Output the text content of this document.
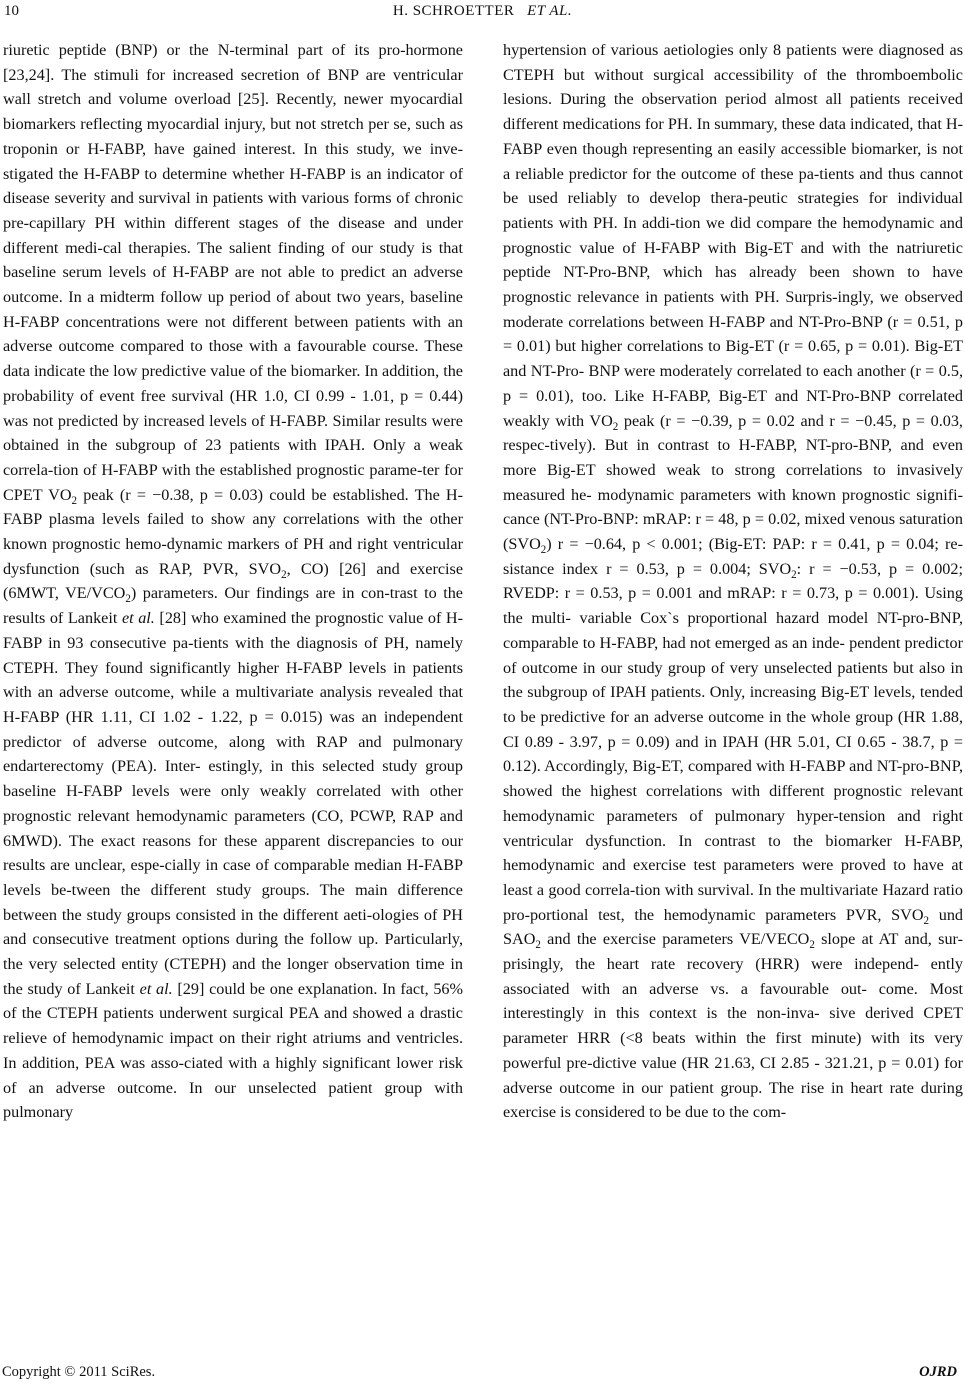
10	H. SCHROETTER ET AL.

riuretic peptide (BNP) or the N-terminal part of its pro-hormone [23,24]. The stimuli for increased secretion of BNP are ventricular wall stretch and volume overload [25]. Recently, newer myocardial biomarkers reflecting myocardial injury, but not stretch per se, such as troponin or H-FABP, have gained interest. In this study, we inve-stigated the H-FABP to determine whether H-FABP is an indicator of disease severity and survival in patients with various forms of chronic pre-capillary PH within different stages of the disease and under different medi-cal therapies. The salient finding of our study is that baseline serum levels of H-FABP are not able to predict an adverse outcome. In a midterm follow up period of about two years, baseline H-FABP concentrations were not different between patients with an adverse outcome compared to those with a favourable course. These data indicate the low predictive value of the biomarker. In addition, the probability of event free survival (HR 1.0, CI 0.99 - 1.01, p = 0.44) was not predicted by increased levels of H-FABP. Similar results were obtained in the subgroup of 23 patients with IPAH. Only a weak correla-tion of H-FABP with the established prognostic parame-ter for CPET $VO_2$ peak (r = −0.38, p = 0.03) could be established. The H-FABP plasma levels failed to show any correlations with the other known prognostic hemo-dynamic markers of PH and right ventricular dysfunction (such as RAP, PVR, $SVO_2$, CO) [26] and exercise (6MWT, $VE/VCO_2$) parameters. Our findings are in con-trast to the results of Lankeit et al. [28] who examined the prognostic value of H-FABP in 93 consecutive pa-tients with the diagnosis of PH, namely CTEPH. They found significantly higher H-FABP levels in patients with an adverse outcome, while a multivariate analysis revealed that H-FABP (HR 1.11, CI 1.02 - 1.22, p = 0.015) was an independent predictor of adverse outcome, along with RAP and pulmonary endarterectomy (PEA). Inter- estingly, in this selected study group baseline H-FABP levels were only weakly correlated with other prognostic relevant hemodynamic parameters (CO, PCWP, RAP and 6MWD). The exact reasons for these apparent discrepancies to our results are unclear, espe-cially in case of comparable median H-FABP levels be-tween the different study groups. The main difference between the study groups consisted in the different aeti-ologies of PH and consecutive treatment options during the follow up. Particularly, the very selected entity (CTEPH) and the longer observation time in the study of Lankeit et al. [29] could be one explanation. In fact, 56% of the CTEPH patients underwent surgical PEA and showed a drastic relieve of hemodynamic impact on their right atriums and ventricles. In addition, PEA was asso-ciated with a highly significant lower risk of an adverse outcome. In our unselected patient group with pulmonary

hypertension of various aetiologies only 8 patients were diagnosed as CTEPH but without surgical accessibility of the thromboembolic lesions. During the observation period almost all patients received different medications for PH. In summary, these data indicated, that H-FABP even though representing an easily accessible biomarker, is not a reliable predictor for the outcome of these pa-tients and thus cannot be used reliably to develop thera-peutic strategies for individual patients with PH. In addi-tion we did compare the hemodynamic and prognostic value of H-FABP with Big-ET and with the natriuretic peptide NT-Pro-BNP, which has already been shown to have prognostic relevance in patients with PH. Surpris-ingly, we observed moderate correlations between H-FABP and NT-Pro-BNP (r = 0.51, p = 0.01) but higher correlations to Big-ET (r = 0.65, p = 0.01). Big-ET and NT-Pro- BNP were moderately correlated to each another (r = 0.5, p = 0.01), too. Like H-FABP, Big-ET and NT-Pro-BNP correlated weakly with $VO_2$ peak (r = −0.39, p = 0.02 and r = −0.45, p = 0.03, respec-tively). But in contrast to H-FABP, NT-pro-BNP, and even more Big-ET showed weak to strong correlations to invasively measured he- modynamic parameters with known prognostic signifi- cance (NT-Pro-BNP: mRAP: r = 48, p = 0.02, mixed venous saturation $(SVO_2) r = -0.64$, p < 0.001; (Big-ET: PAP: r = 0.41, p = 0.04; re-sistance index r = 0.53, p = 0.004; $SVO_2$: r = −0.53, p = 0.002; RVEDP: r = 0.53, p = 0.001 and mRAP: r = 0.73, p = 0.001). Using the multi- variable Cox`s proportional hazard model NT-pro-BNP, comparable to H-FABP, had not emerged as an inde- pendent predictor of outcome in our study group of very unselected patients but also in the subgroup of IPAH patients. Only, increasing Big-ET levels, tended to be predictive for an adverse outcome in the whole group (HR 1.88, CI 0.89 - 3.97, p = 0.09) and in IPAH (HR 5.01, CI 0.65 - 38.7, p = 0.12). Accordingly, Big-ET, compared with H-FABP and NT-pro-BNP, showed the highest correlations with different prognostic relevant hemodynamic parameters of pulmonary hyper-tension and right ventricular dysfunction. In contrast to the biomarker H-FABP, hemodynamic and exercise test parameters were proved to have at least a good correla-tion with survival. In the multivariate Hazard ratio pro-portional test, the hemodynamic parameters PVR, $SVO_2$ und $SAO_2$ and the exercise parameters $VE/VECO_2$ slope at AT and, sur- prisingly, the heart rate recovery (HRR) were independ- ently associated with an adverse vs. a favourable out- come. Most interestingly in this context is the non-inva- sive derived CPET parameter HRR (<8 beats within the first minute) with its very powerful pre-dictive value (HR 21.63, CI 2.85 - 321.21, p = 0.01) for adverse outcome in our patient group. The rise in heart rate during exercise is considered to be due to the com-

Copyright © 2011 SciRes.	OJRD
